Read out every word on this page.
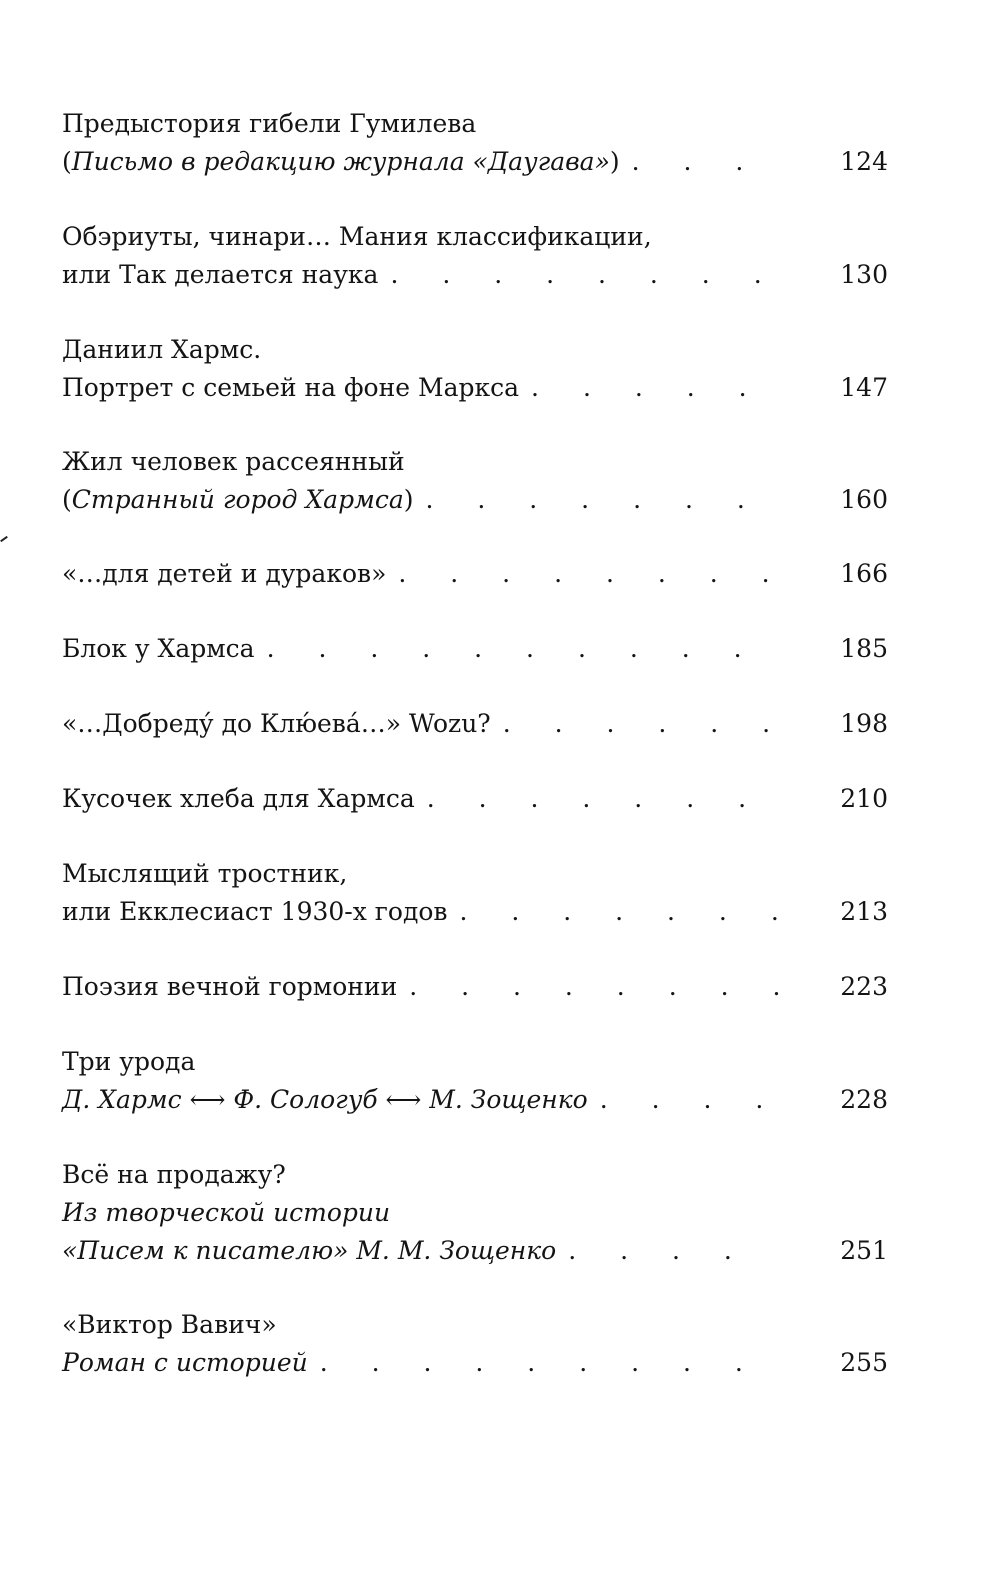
Предыстория гибели Гумилева
(Письмо в редакцию журнала «Даугава») . . .	124
Обэриуты, чинари… Мания классификации,
или Так делается наука . . . . . . . . 130
Даниил Хармс.
Портрет с семьей на фоне Маркса . . . . .	147
Жил человек рассеянный
(Странный город Хармса) . . . . . . .	160
«…для детей и дураков» . . . . . . . . 166
Блок у Хармса . . . . . . . . . .	185
«…Добреду́ до Клю́ева́…» Wozu? . . . . . . 198
Кусочек хлеба для Хармса . . . . . . .	210
Мыслящий тростник,
или Екклесиаст 1930-х годов . . . . . . . 213
Поэзия вечной гормонии . . . . . . . . 223
Три урода
Д. Хармс ⟷ Ф. Сологуб ⟷ М. Зощенко . . . . 228
Всё на продажу?
Из творческой истории
«Писем к писателю» М. М. Зощенко . . . .	251
«Виктор Вавич»
Роман с историей . . . . . . . . .	255
